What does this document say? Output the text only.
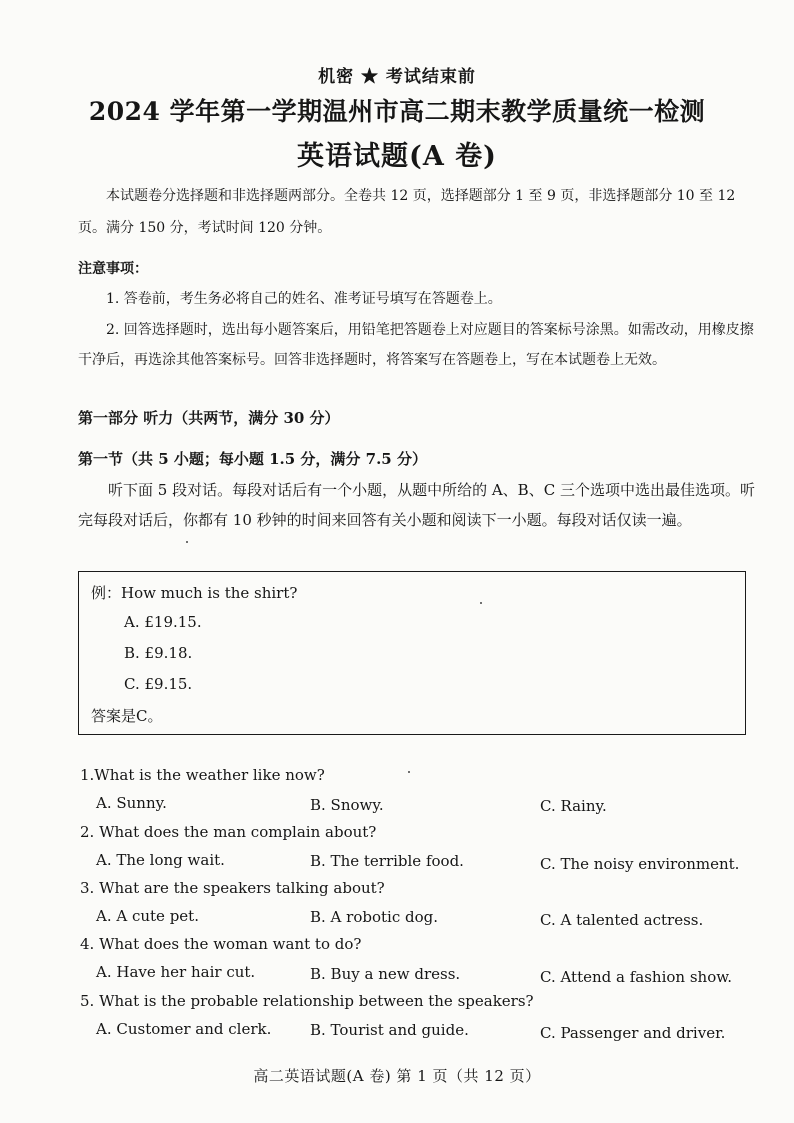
机密 ★ 考试结束前
2024 学年第一学期温州市高二期末教学质量统一检测
英语试题(A 卷)

本试题卷分选择题和非选择题两部分。全卷共 12 页，选择题部分 1 至 9 页，非选择题部分 10 至 12 页。满分 150 分，考试时间 120 分钟。

注意事项：
1. 答卷前，考生务必将自己的姓名、准考证号填写在答题卷上。

2. 回答选择题时，选出每小题答案后，用铅笔把答题卷上对应题目的答案标号涂黑。如需改动，用橡皮擦干净后，再选涂其他答案标号。回答非选择题时，将答案写在答题卷上，写在本试题卷上无效。

第一部分 听力（共两节，满分 30 分）
第一节（共 5 小题；每小题 1.5 分，满分 7.5 分）

听下面 5 段对话。每段对话后有一个小题，从题中所给的 A、B、C 三个选项中选出最佳选项。听完每段对话后，你都有 10 秒钟的时间来回答有关小题和阅读下一小题。每段对话仅读一遍。

例：How much is the shirt?
A. £19.15.
B. £9.18.
C. £9.15.
答案是C。
1.What is the weather like now?
A. Sunny.	B. Snowy.	C. Rainy.
2. What does the man complain about?
A. The long wait.	B. The terrible food.	C. The noisy environment.
3. What are the speakers talking about?
A. A cute pet.	B. A robotic dog.	C. A talented actress.
4. What does the woman want to do?
A. Have her hair cut.	B. Buy a new dress.	C. Attend a fashion show.
5. What is the probable relationship between the speakers?
A. Customer and clerk.	B. Tourist and guide.	C. Passenger and driver.
高二英语试题(A 卷) 第 1 页（共 12 页）
